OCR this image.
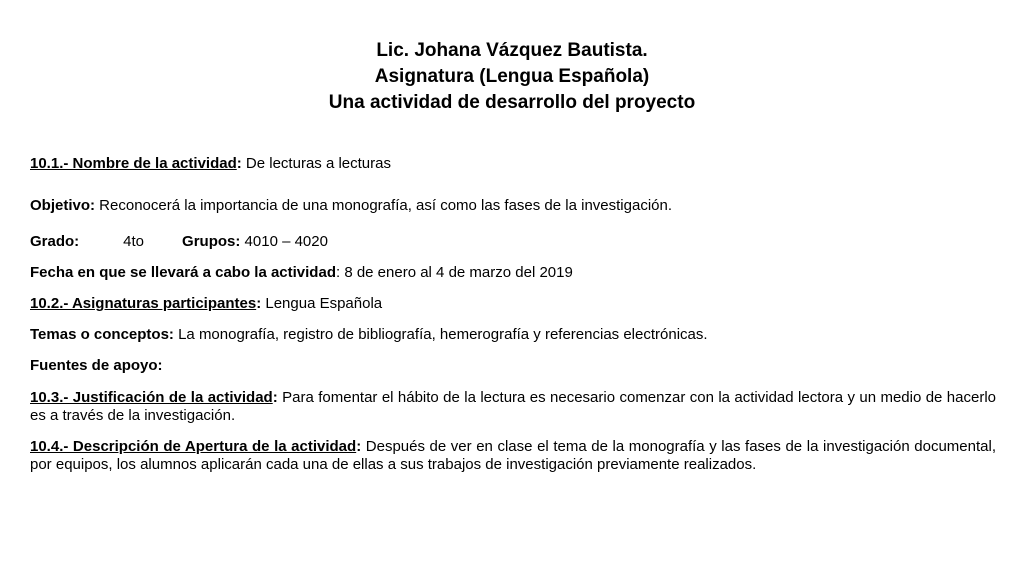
Lic. Johana Vázquez Bautista.

Asignatura (Lengua Española)

Una actividad de desarrollo del proyecto

10.1.- Nombre de la actividad: De lecturas a lecturas
Objetivo: Reconocerá la importancia de una monografía, así como las fases de la investigación.
Grado:	4to	Grupos: 4010 – 4020
Fecha en que se llevará a cabo la actividad: 8 de enero al 4 de marzo del 2019
10.2.- Asignaturas participantes: Lengua Española
Temas o conceptos: La monografía, registro de bibliografía, hemerografía y referencias electrónicas.
Fuentes de apoyo:
10.3.- Justificación de la actividad: Para fomentar el hábito de la lectura es necesario comenzar con la actividad lectora y un medio de hacerlo es a través de la investigación.
10.4.- Descripción de Apertura de la actividad: Después de ver en clase el tema de la monografía y las fases de la investigación documental, por equipos, los alumnos aplicarán cada una de ellas a sus trabajos de investigación previamente realizados.
